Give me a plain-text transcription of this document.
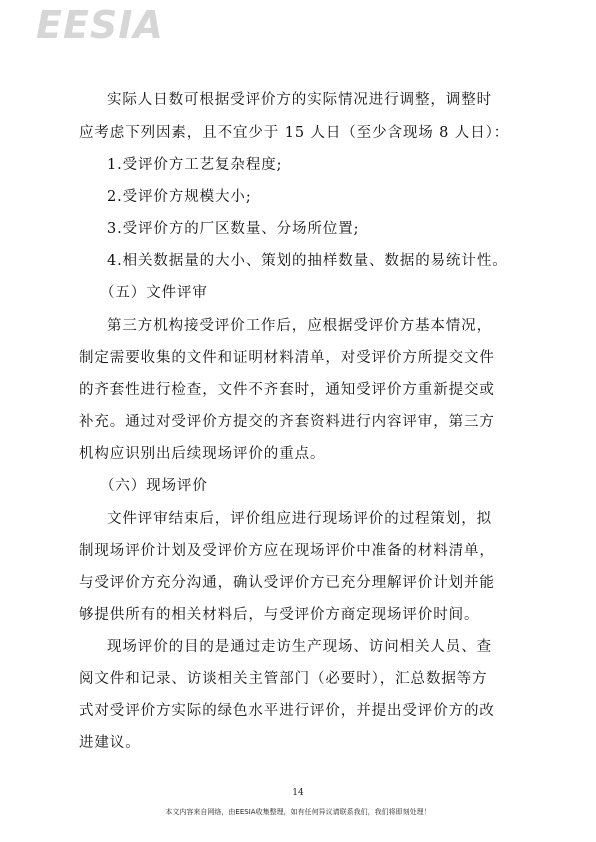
EESIA
实际人日数可根据受评价方的实际情况进行调整，调整时
应考虑下列因素，且不宜少于 15 人日（至少含现场 8 人日）：
1.受评价方工艺复杂程度;
2.受评价方规模大小;
3.受评价方的厂区数量、分场所位置;
4.相关数据量的大小、策划的抽样数量、数据的易统计性。
（五）文件评审
第三方机构接受评价工作后，应根据受评价方基本情况，
制定需要收集的文件和证明材料清单，对受评价方所提交文件
的齐套性进行检查，文件不齐套时，通知受评价方重新提交或
补充。通过对受评价方提交的齐套资料进行内容评审，第三方
机构应识别出后续现场评价的重点。
（六）现场评价
文件评审结束后，评价组应进行现场评价的过程策划，拟
制现场评价计划及受评价方应在现场评价中准备的材料清单，
与受评价方充分沟通，确认受评价方已充分理解评价计划并能
够提供所有的相关材料后，与受评价方商定现场评价时间。
现场评价的目的是通过走访生产现场、访问相关人员、查
阅文件和记录、访谈相关主管部门（必要时），汇总数据等方
式对受评价方实际的绿色水平进行评价，并提出受评价方的改
进建议。
14
本文内容来自网络，由EESIA收集整理，如有任何异议请联系我们，我们将即刻处理！
